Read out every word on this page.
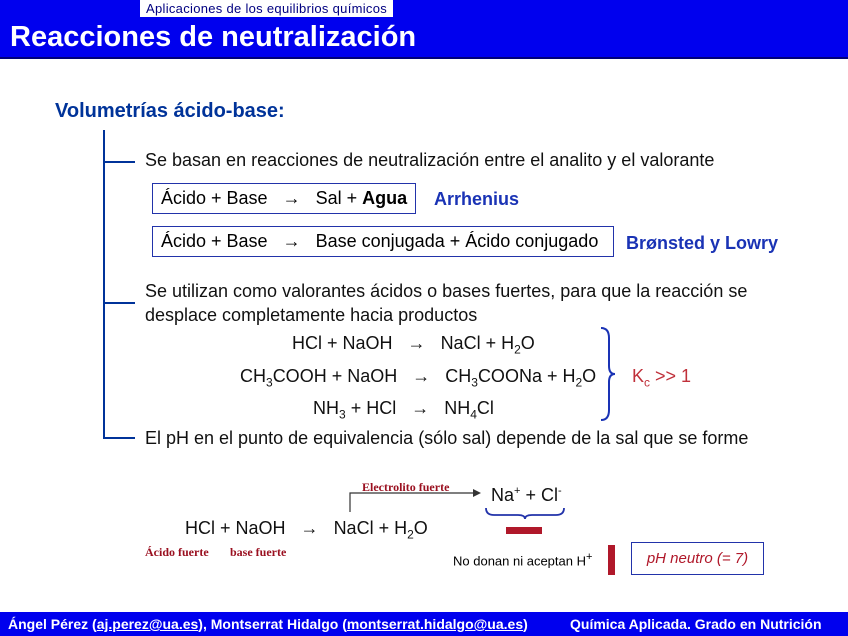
Aplicaciones de los equilibrios químicos
Reacciones de neutralización
Volumetrías ácido-base:
Se basan en reacciones de neutralización entre el analito y el valorante
Ácido + Base → Sal + Agua	Arrhenius
Ácido + Base → Base conjugada + Ácido conjugado	Brønsted y Lowry
Se utilizan como valorantes ácidos o bases fuertes, para que la reacción se
desplace completamente hacia productos
HCl + NaOH → NaCl + $H_2O$
$CH_3COOH$ + NaOH → $CH_3COONa + H_2O$
$NH_3$ + HCl → $NH_4Cl$
$K_c >> 1$
El pH en el punto de equivalencia (sólo sal) depende de la sal que se forme
Electrolito fuerte Na+ + Cl-
HCl + NaOH → NaCl + $H_2O$
Ácido fuerte base fuerte
No donan ni aceptan H+	pH neutro (= 7)
Ángel Pérez (aj.perez@ua.es), Montserrat Hidalgo (montserrat.hidalgo@ua.es)	Química Aplicada. Grado en Nutrición
